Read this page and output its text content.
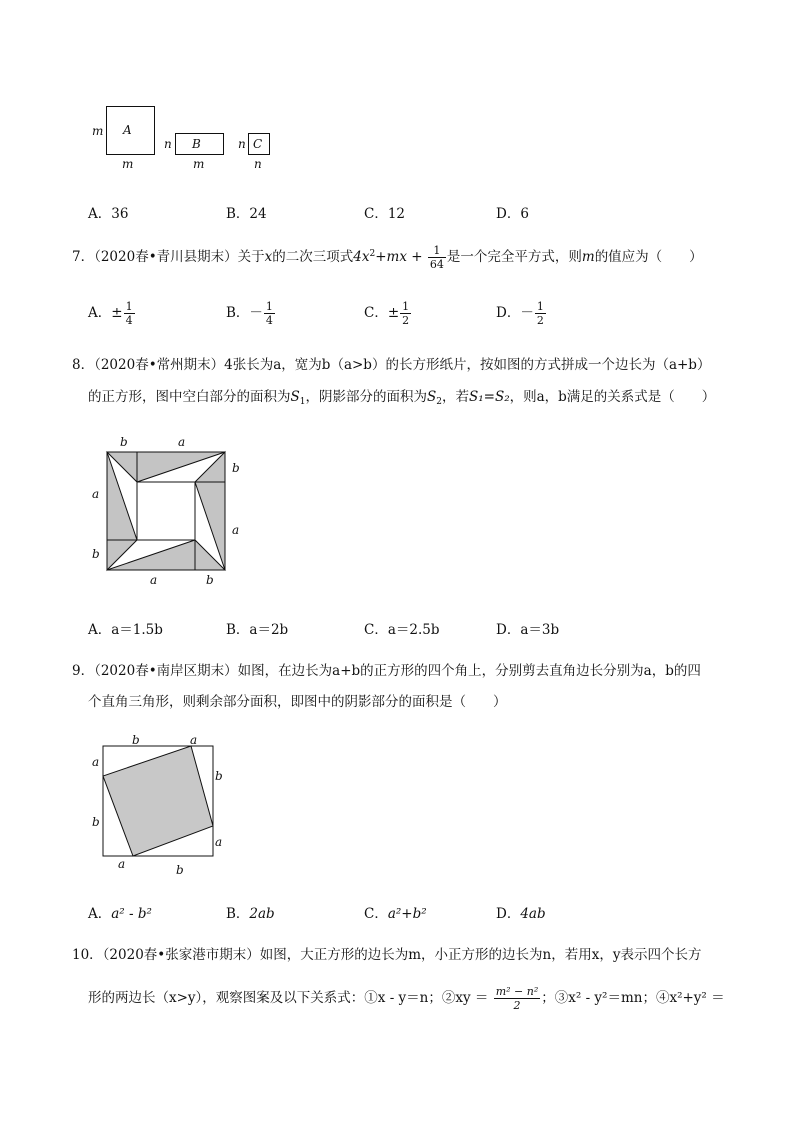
m A
m
n B
m
n C
n
A．36	B．24	C．12	D．6
7．（2020春•青川县期末）关于x的二次三项式$4x^2+mx + \frac{1}{64}$ 是一个完全平方式，则m的值应为（　　）
A．± $\frac{1}{4}$	B．－ $\frac{1}{4}$	C．± $\frac{1}{2}$	D．－ $\frac{1}{2}$
8．（2020春•常州期末）4张长为a，宽为b（a>b）的长方形纸片，按如图的方式拼成一个边长为（a+b）
的正方形，图中空白部分的面积为$S_1$，阴影部分的面积为$S_2$，若S₁=S₂，则a，b满足的关系式是（　　）
b	a
b
a
a
b
a	b
A．a＝1.5b	B．a＝2b	C．a＝2.5b	D．a＝3b
9．（2020春•南岸区期末）如图，在边长为a+b的正方形的四个角上，分别剪去直角边长分别为a，b的四
个直角三角形，则剩余部分面积，即图中的阴影部分的面积是（　　）
b	a
a
b
b
a
a	b
A．a² - b²	B．2ab	C．a²+b²	D．4ab
10．（2020春•张家港市期末）如图，大正方形的边长为m，小正方形的边长为n，若用x，y表示四个长方
形的两边长（x>y），观察图案及以下关系式：①x - y＝n；②xy ＝ $\frac{\text{m² − n²}}{2}$ ；③x² - y²＝mn；④x²+y² ＝
